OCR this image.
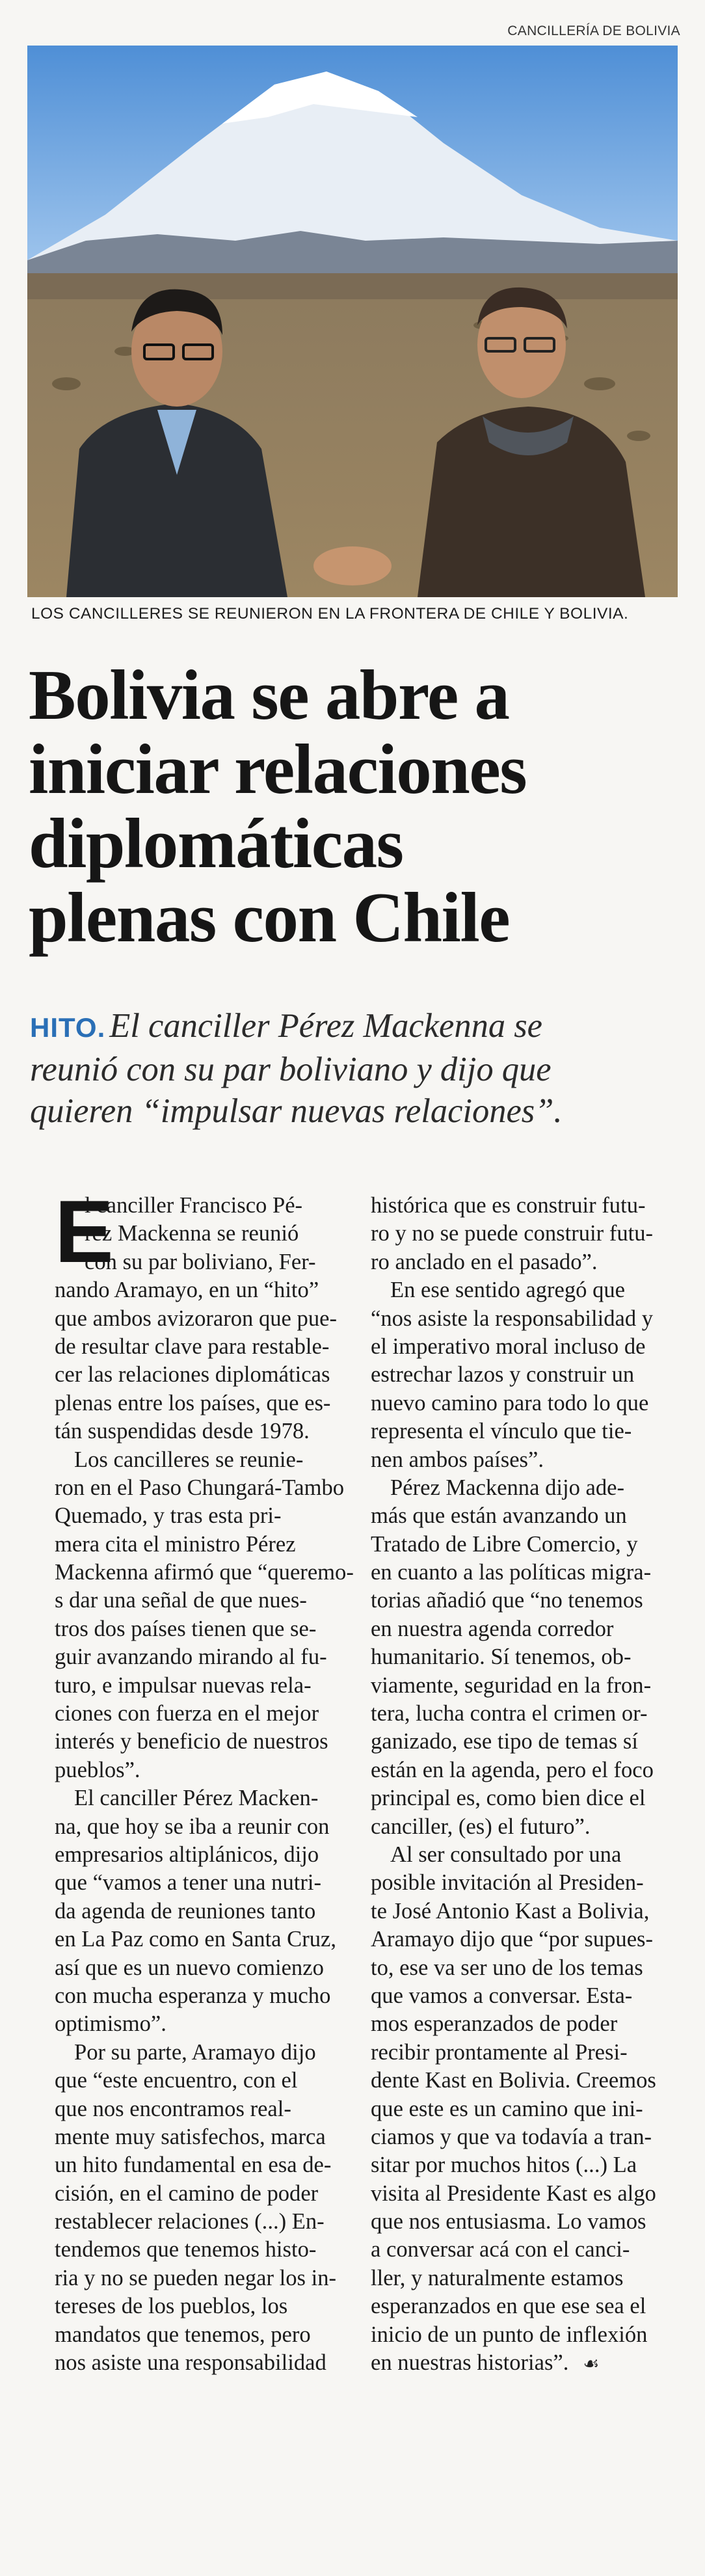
CANCILLERÍA DE BOLIVIA
LOS CANCILLERES SE REUNIERON EN LA FRONTERA DE CHILE Y BOLIVIA.
Bolivia se abre a
iniciar relaciones
diplomáticas
plenas con Chile
HITO. El canciller Pérez Mackenna se
reunió con su par boliviano y dijo que
quieren “impulsar nuevas relaciones”.
E
l canciller Francisco Pé-
rez Mackenna se reunió
con su par boliviano, Fer-
nando Aramayo, en un “hito”
que ambos avizoraron que pue-
de resultar clave para restable-
cer las relaciones diplomáticas
plenas entre los países, que es-
tán suspendidas desde 1978.
Los cancilleres se reunie-
ron en el Paso Chungará-Tambo
Quemado, y tras esta pri-
mera cita el ministro Pérez
Mackenna afirmó que “queremo-
s dar una señal de que nues-
tros dos países tienen que se-
guir avanzando mirando al fu-
turo, e impulsar nuevas rela-
ciones con fuerza en el mejor
interés y beneficio de nuestros
pueblos”.
El canciller Pérez Macken-
na, que hoy se iba a reunir con
empresarios altiplánicos, dijo
que “vamos a tener una nutri-
da agenda de reuniones tanto
en La Paz como en Santa Cruz,
así que es un nuevo comienzo
con mucha esperanza y mucho
optimismo”.
Por su parte, Aramayo dijo
que “este encuentro, con el
que nos encontramos real-
mente muy satisfechos, marca
un hito fundamental en esa de-
cisión, en el camino de poder
restablecer relaciones (...) En-
tendemos que tenemos histo-
ria y no se pueden negar los in-
tereses de los pueblos, los
mandatos que tenemos, pero
nos asiste una responsabilidad
histórica que es construir futu-
ro y no se puede construir futu-
ro anclado en el pasado”.
En ese sentido agregó que
“nos asiste la responsabilidad y
el imperativo moral incluso de
estrechar lazos y construir un
nuevo camino para todo lo que
representa el vínculo que tie-
nen ambos países”.
Pérez Mackenna dijo ade-
más que están avanzando un
Tratado de Libre Comercio, y
en cuanto a las políticas migra-
torias añadió que “no tenemos
en nuestra agenda corredor
humanitario. Sí tenemos, ob-
viamente, seguridad en la fron-
tera, lucha contra el crimen or-
ganizado, ese tipo de temas sí
están en la agenda, pero el foco
principal es, como bien dice el
canciller, (es) el futuro”.
Al ser consultado por una
posible invitación al Presiden-
te José Antonio Kast a Bolivia,
Aramayo dijo que “por supues-
to, ese va ser uno de los temas
que vamos a conversar. Esta-
mos esperanzados de poder
recibir prontamente al Presi-
dente Kast en Bolivia. Creemos
que este es un camino que ini-
ciamos y que va todavía a tran-
sitar por muchos hitos (...) La
visita al Presidente Kast es algo
que nos entusiasma. Lo vamos
a conversar acá con el canci-
ller, y naturalmente estamos
esperanzados en que ese sea el
inicio de un punto de inflexión
en nuestras historias”. ☙
